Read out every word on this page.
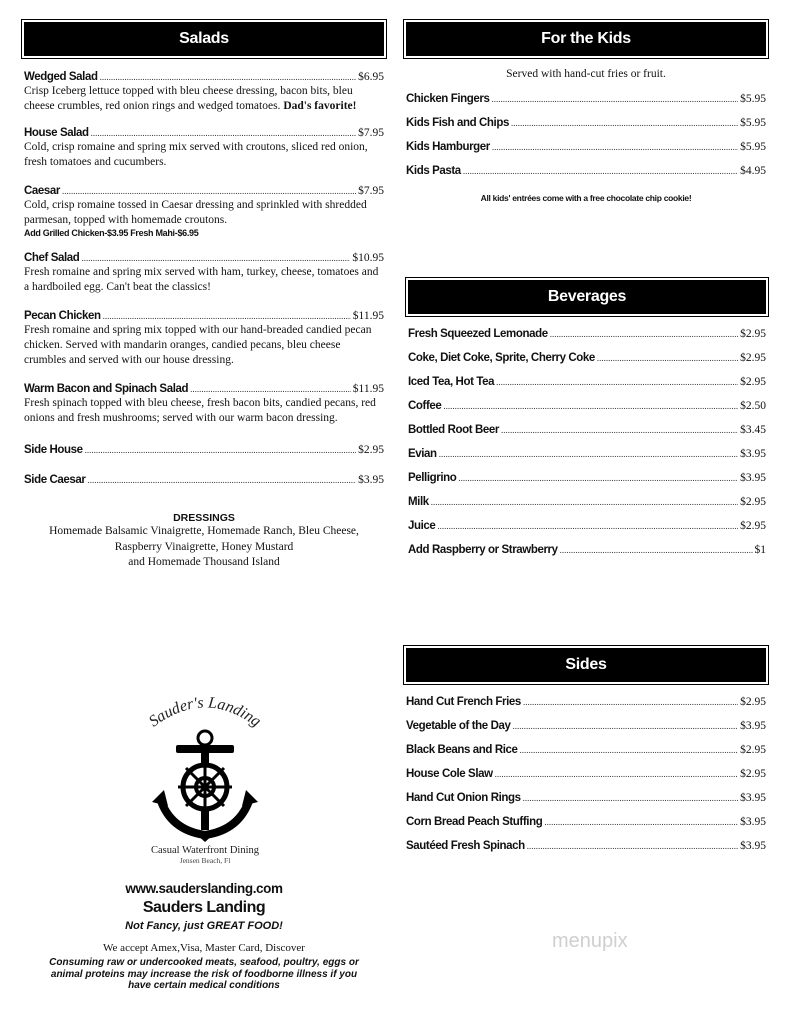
Salads
Wedged Salad .....	$6.95
Crisp Iceberg lettuce topped with bleu cheese dressing, bacon bits, bleu cheese crumbles, red onion rings and wedged tomatoes. Dad's favorite!
House Salad .....	$7.95
Cold, crisp romaine and spring mix served with croutons, sliced red onion, fresh tomatoes and cucumbers.
Caesar .....	$7.95
Cold, crisp romaine tossed in Caesar dressing and sprinkled with shredded parmesan, topped with homemade croutons.
Add Grilled Chicken-$3.95 Fresh Mahi-$6.95
Chef Salad .....	$10.95
Fresh romaine and spring mix served with ham, turkey, cheese, tomatoes and a hardboiled egg. Can't beat the classics!
Pecan Chicken .....	$11.95
Fresh romaine and spring mix topped with our hand-breaded candied pecan chicken. Served with mandarin oranges, candied pecans, bleu cheese crumbles and served with our house dressing.
Warm Bacon and Spinach Salad .....	$11.95
Fresh spinach topped with bleu cheese, fresh bacon bits, candied pecans, red onions and fresh mushrooms; served with our warm bacon dressing.
Side House .....	$2.95
Side Caesar .....	$3.95
DRESSINGS
Homemade Balsamic Vinaigrette, Homemade Ranch, Bleu Cheese,
Raspberry Vinaigrette, Honey Mustard
and Homemade Thousand Island
Sauder's Landing
Casual Waterfront Dining
Jensen Beach, Fl
www.sauderslanding.com
Sauders Landing
Not Fancy, just GREAT FOOD!
We accept Amex,Visa, Master Card, Discover
Consuming raw or undercooked meats, seafood, poultry, eggs or animal proteins may increase the risk of foodborne illness if you have certain medical conditions
For the Kids
Served with hand-cut fries or fruit.
Chicken Fingers .....	$5.95
Kids Fish and Chips .....	$5.95
Kids Hamburger .....	$5.95
Kids Pasta .....	$4.95
All kids' entrées come with a free chocolate chip cookie!
Beverages
Fresh Squeezed Lemonade .....	$2.95
Coke, Diet Coke, Sprite, Cherry Coke .....	$2.95
Iced Tea, Hot Tea .....	$2.95
Coffee .....	$2.50
Bottled Root Beer .....	$3.45
Evian .....	$3.95
Pelligrino .....	$3.95
Milk .....	$2.95
Juice .....	$2.95
Add Raspberry or Strawberry .....	$1
Sides
Hand Cut French Fries .....	$2.95
Vegetable of the Day .....	$3.95
Black Beans and Rice .....	$2.95
House Cole Slaw .....	$2.95
Hand Cut Onion Rings .....	$3.95
Corn Bread Peach Stuffing .....	$3.95
Sautéed Fresh Spinach .....	$3.95
menupix
